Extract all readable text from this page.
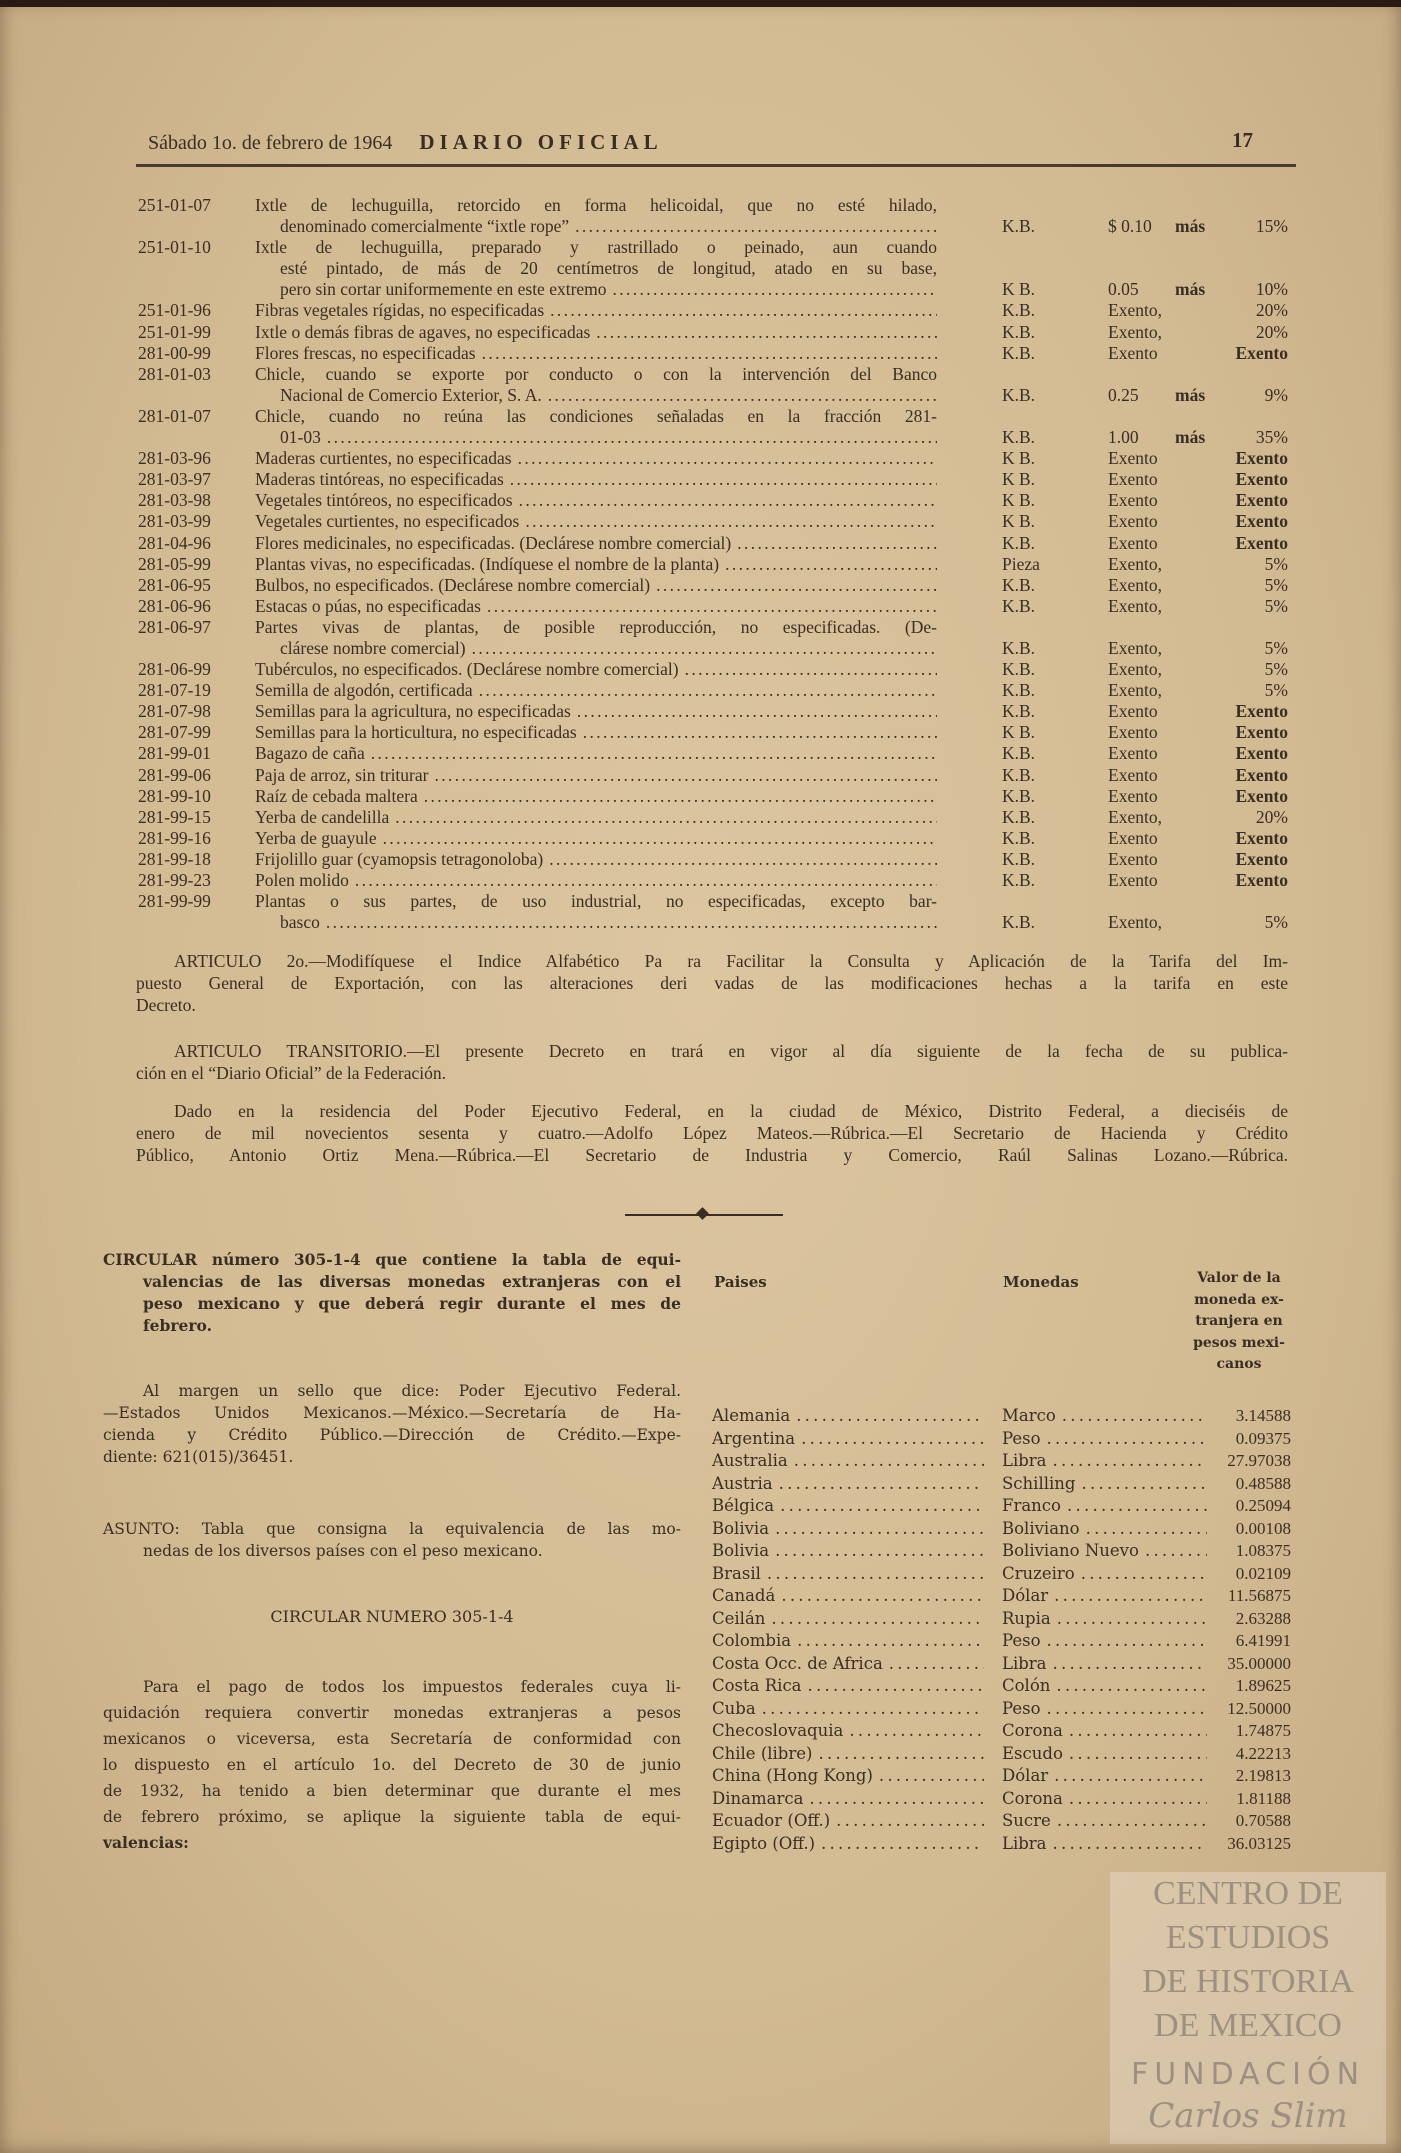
Sábado 1o. de febrero de 1964 DIARIO OFICIAL	17
CENTRO DE
ESTUDIOS
DE HISTORIA
DE MEXICO
FUNDACIÓN
Carlos Slim
251-01-07	Ixtle de lechuguilla, retorcido en forma helicoidal, que no esté hilado,
denominado comercialmente “ixtle rope” . . .	K.B.	$ 0.10 más	15%
251-01-10	Ixtle de lechuguilla, preparado y rastrillado o peinado, aun cuando
esté pintado, de más de 20 centímetros de longitud, atado en su base,
pero sin cortar uniformemente en este extremo . . .	K B.	0.05 más	10%
251-01-96	Fibras vegetales rígidas, no especificadas . . .	K.B.	Exento,	20%
251-01-99	Ixtle o demás fibras de agaves, no especificadas . . .	K.B.	Exento,	20%
281-00-99	Flores frescas, no especificadas . . .	K.B.	Exento	Exento
281-01-03	Chicle, cuando se exporte por conducto o con la intervención del Banco
Nacional de Comercio Exterior, S. A. . . .	K.B.	0.25 más	9%
281-01-07	Chicle, cuando no reúna las condiciones señaladas en la fracción 281-
01-03 . . .	K.B.	1.00 más	35%
281-03-96	Maderas curtientes, no especificadas . . .	K B.	Exento	Exento
281-03-97	Maderas tintóreas, no especificadas . . .	K B.	Exento	Exento
281-03-98	Vegetales tintóreos, no especificados . . .	K B.	Exento	Exento
281-03-99	Vegetales curtientes, no especificados . . .	K B.	Exento	Exento
281-04-96	Flores medicinales, no especificadas. (Declárese nombre comercial) . . .	K.B.	Exento	Exento
281-05-99	Plantas vivas, no especificadas. (Indíquese el nombre de la planta) . . .	Pieza	Exento,	5%
281-06-95	Bulbos, no especificados. (Declárese nombre comercial) . . .	K.B.	Exento,	5%
281-06-96	Estacas o púas, no especificadas . . .	K.B.	Exento,	5%
281-06-97	Partes vivas de plantas, de posible reproducción, no especificadas. (De-
clárese nombre comercial) . . .	K.B.	Exento,	5%
281-06-99	Tubérculos, no especificados. (Declárese nombre comercial) . . .	K.B.	Exento,	5%
281-07-19	Semilla de algodón, certificada . . .	K.B.	Exento,	5%
281-07-98	Semillas para la agricultura, no especificadas . . .	K.B.	Exento	Exento
281-07-99	Semillas para la horticultura, no especificadas . . .	K B.	Exento	Exento
281-99-01	Bagazo de caña . . .	K.B.	Exento	Exento
281-99-06	Paja de arroz, sin triturar . . .	K.B.	Exento	Exento
281-99-10	Raíz de cebada maltera . . .	K.B.	Exento	Exento
281-99-15	Yerba de candelilla . . .	K.B.	Exento,	20%
281-99-16	Yerba de guayule . . .	K.B.	Exento	Exento
281-99-18	Frijolillo guar (cyamopsis tetragonoloba) . . .	K.B.	Exento	Exento
281-99-23	Polen molido . . .	K.B.	Exento	Exento
281-99-99	Plantas o sus partes, de uso industrial, no especificadas, excepto bar-
basco . . .	K.B.	Exento,	5%
ARTICULO 2o.—Modifíquese el Indice Alfabético Pa ra Facilitar la Consulta y Aplicación de la Tarifa del Im-
puesto General de Exportación, con las alteraciones deri vadas de las modificaciones hechas a la tarifa en este
Decreto.
ARTICULO TRANSITORIO.—El presente Decreto en trará en vigor al día siguiente de la fecha de su publica-
ción en el “Diario Oficial” de la Federación.
Dado en la residencia del Poder Ejecutivo Federal, en la ciudad de México, Distrito Federal, a dieciséis de
enero de mil novecientos sesenta y cuatro.—Adolfo López Mateos.—Rúbrica.—El Secretario de Hacienda y Crédito
Público, Antonio Ortiz Mena.—Rúbrica.—El Secretario de Industria y Comercio, Raúl Salinas Lozano.—Rúbrica.
CIRCULAR número 305-1-4 que contiene la tabla de equi-
valencias de las diversas monedas extranjeras con el
peso mexicano y que deberá regir durante el mes de
febrero.
Al margen un sello que dice: Poder Ejecutivo Federal.
—Estados Unidos Mexicanos.—México.—Secretaría de Ha-
cienda y Crédito Público.—Dirección de Crédito.—Expe-
diente: 621(015)/36451.
ASUNTO: Tabla que consigna la equivalencia de las mo-
nedas de los diversos países con el peso mexicano.
CIRCULAR NUMERO 305-1-4
Para el pago de todos los impuestos federales cuya li-
quidación requiera convertir monedas extranjeras a pesos
mexicanos o viceversa, esta Secretaría de conformidad con
lo dispuesto en el artículo 1o. del Decreto de 30 de junio
de 1932, ha tenido a bien determinar que durante el mes
de febrero próximo, se aplique la siguiente tabla de equi-
valencias:
Paises	Monedas	Valor de la
moneda ex-
tranjera en
pesos mexi-
canos
Alemania . . .	Marco . . .	3.14588
Argentina . . .	Peso . . .	0.09375
Australia . . .	Libra . . .	27.97038
Austria . . .	Schilling . . .	0.48588
Bélgica . . .	Franco . . .	0.25094
Bolivia . . .	Boliviano . . .	0.00108
Bolivia . . .	Boliviano Nuevo . . .	1.08375
Brasil . . .	Cruzeiro . . .	0.02109
Canadá . . .	Dólar . . .	11.56875
Ceilán . . .	Rupia . . .	2.63288
Colombia . . .	Peso . . .	6.41991
Costa Occ. de Africa . . .	Libra . . .	35.00000
Costa Rica . . .	Colón . . .	1.89625
Cuba . . .	Peso . . .	12.50000
Checoslovaquia . . .	Corona . . .	1.74875
Chile (libre) . . .	Escudo . . .	4.22213
China (Hong Kong) . . .	Dólar . . .	2.19813
Dinamarca . . .	Corona . . .	1.81188
Ecuador (Off.) . . .	Sucre . . .	0.70588
Egipto (Off.) . . .	Libra . . .	36.03125
